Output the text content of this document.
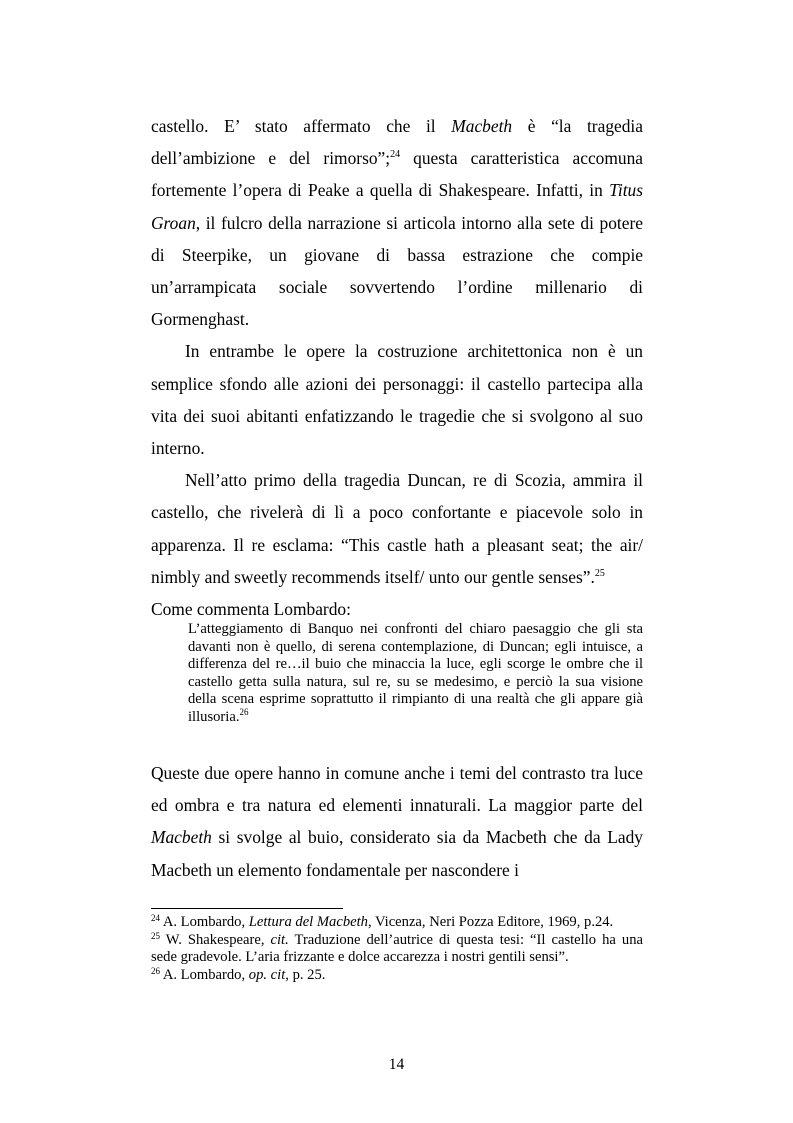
castello. E’ stato affermato che il Macbeth è “la tragedia dell’ambizione e del rimorso”;$^{24}$ questa caratteristica accomuna fortemente l’opera di Peake a quella di Shakespeare. Infatti, in Titus Groan, il fulcro della narrazione si articola intorno alla sete di potere di Steerpike, un giovane di bassa estrazione che compie un’arrampicata sociale sovvertendo l’ordine millenario di Gormenghast.

In entrambe le opere la costruzione architettonica non è un semplice sfondo alle azioni dei personaggi: il castello partecipa alla vita dei suoi abitanti enfatizzando le tragedie che si svolgono al suo interno.

Nell’atto primo della tragedia Duncan, re di Scozia, ammira il castello, che rivelerà di lì a poco confortante e piacevole solo in apparenza. Il re esclama: “This castle hath a pleasant seat; the air/ nimbly and sweetly recommends itself/ unto our gentle senses”.$^{25}$

Come commenta Lombardo:

L’atteggiamento di Banquo nei confronti del chiaro paesaggio che gli sta davanti non è quello, di serena contemplazione, di Duncan; egli intuisce, a differenza del re…il buio che minaccia la luce, egli scorge le ombre che il castello getta sulla natura, sul re, su se medesimo, e perciò la sua visione della scena esprime soprattutto il rimpianto di una realtà che gli appare già illusoria.$^{26}$

Queste due opere hanno in comune anche i temi del contrasto tra luce ed ombra e tra natura ed elementi innaturali. La maggior parte del Macbeth si svolge al buio, considerato sia da Macbeth che da Lady Macbeth un elemento fondamentale per nascondere i

$^{24}$ A. Lombardo, Lettura del Macbeth, Vicenza, Neri Pozza Editore, 1969, p.24.

$^{25}$ W. Shakespeare, cit. Traduzione dell’autrice di questa tesi: “Il castello ha una sede gradevole. L’aria frizzante e dolce accarezza i nostri gentili sensi”.

$^{26}$ A. Lombardo, op. cit, p. 25.

14
